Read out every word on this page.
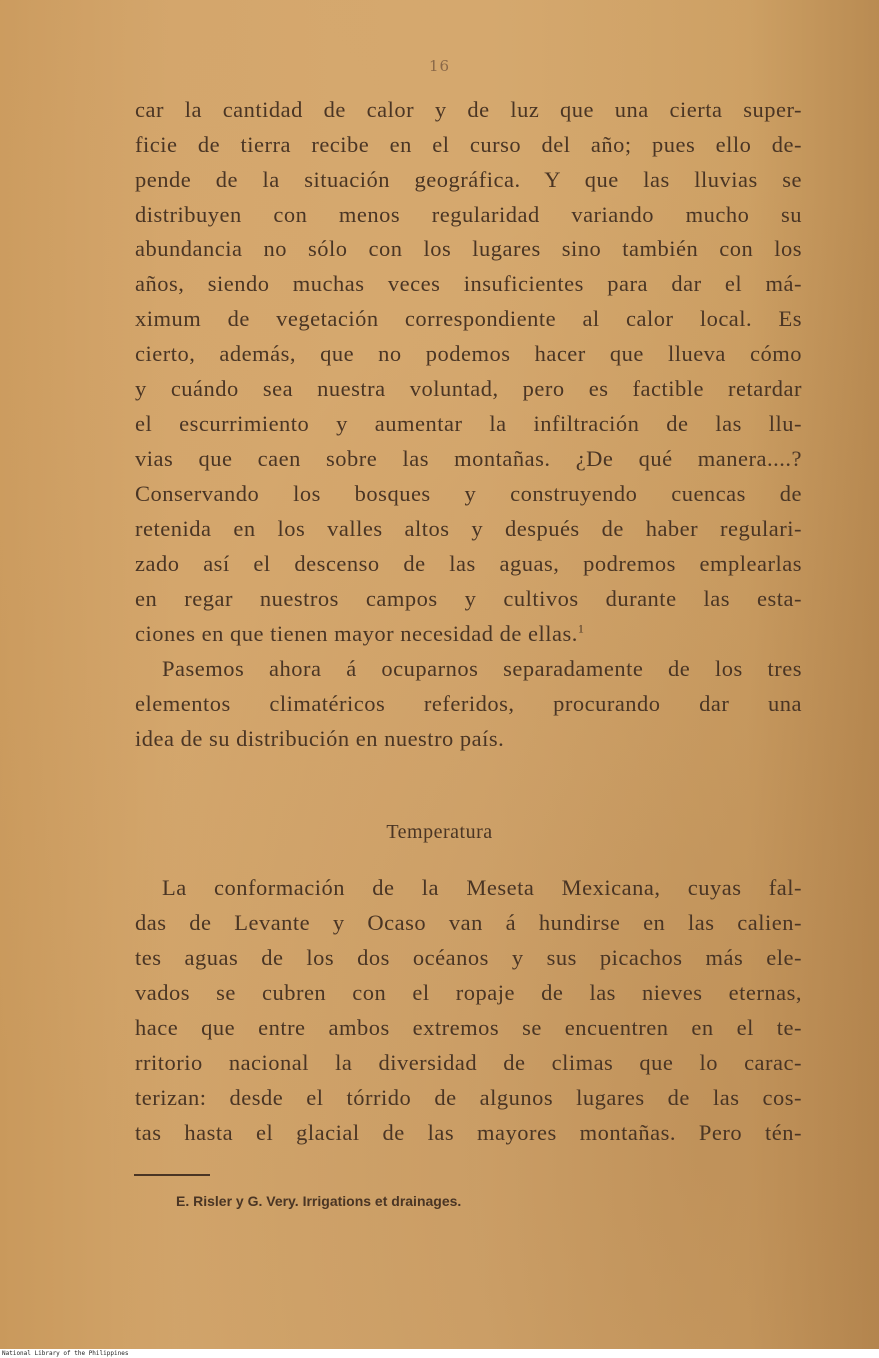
16
car la cantidad de calor y de luz que una cierta super-
ficie de tierra recibe en el curso del año; pues ello de-
pende de la situación geográfica. Y que las lluvias se
distribuyen con menos regularidad variando mucho su
abundancia no sólo con los lugares sino también con los
años, siendo muchas veces insuficientes para dar el má-
ximum de vegetación correspondiente al calor local. Es
cierto, además, que no podemos hacer que llueva cómo
y cuándo sea nuestra voluntad, pero es factible retardar
el escurrimiento y aumentar la infiltración de las llu-
vias que caen sobre las montañas. ¿De qué manera....?
Conservando los bosques y construyendo cuencas de
retenida en los valles altos y después de haber regulari-
zado así el descenso de las aguas, podremos emplearlas
en regar nuestros campos y cultivos durante las esta-
ciones en que tienen mayor necesidad de ellas.$^1$
Pasemos ahora á ocuparnos separadamente de los tres
elementos climatéricos referidos, procurando dar una
idea de su distribución en nuestro país.
Temperatura
La conformación de la Meseta Mexicana, cuyas fal-
das de Levante y Ocaso van á hundirse en las calien-
tes aguas de los dos océanos y sus picachos más ele-
vados se cubren con el ropaje de las nieves eternas,
hace que entre ambos extremos se encuentren en el te-
rritorio nacional la diversidad de climas que lo carac-
terizan: desde el tórrido de algunos lugares de las cos-
tas hasta el glacial de las mayores montañas. Pero tén-
E. Risler y G. Very. Irrigations et drainages.
National Library of the Philippines
